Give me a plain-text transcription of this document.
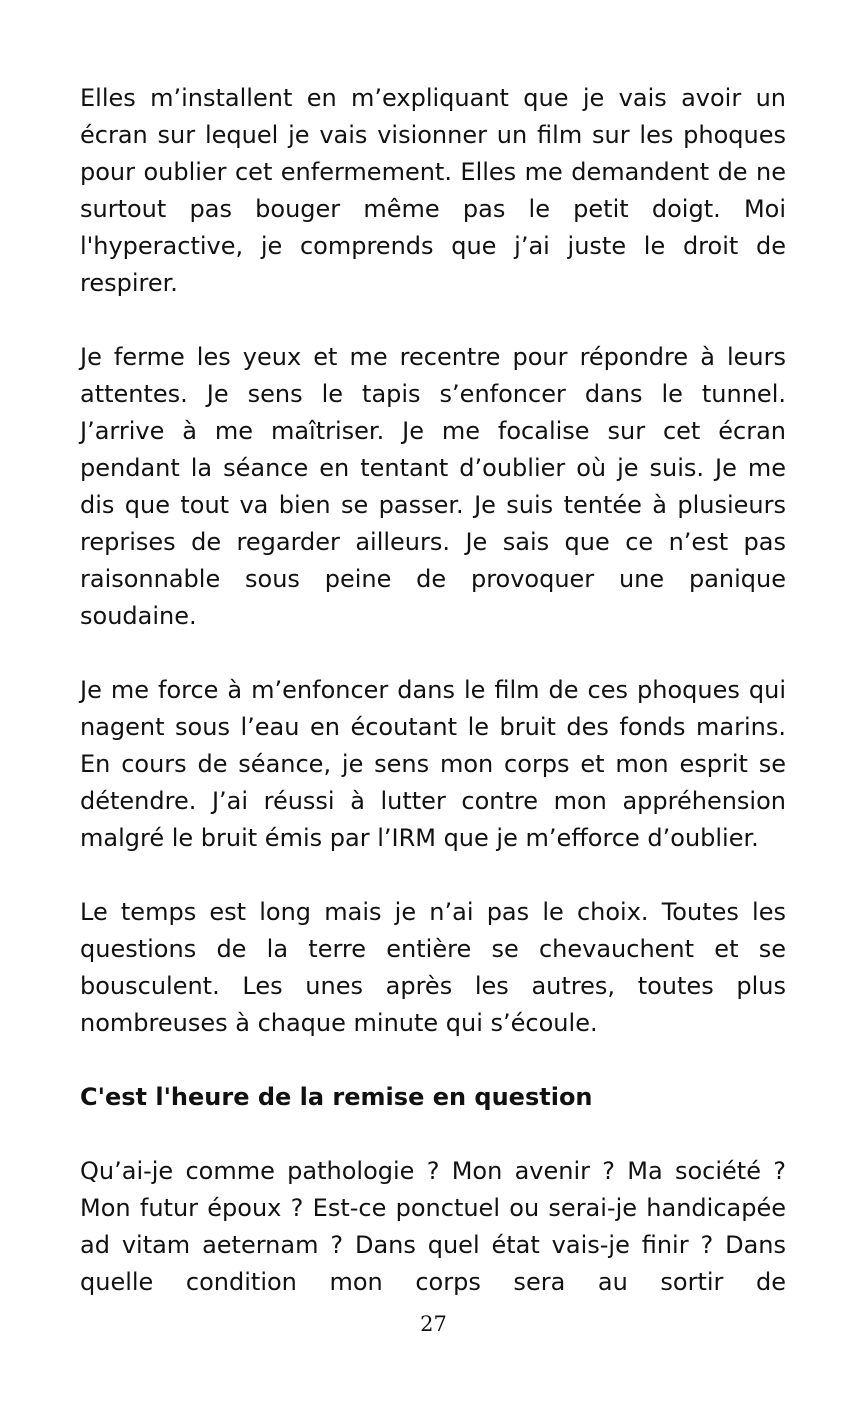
Elles m’installent en m’expliquant que je vais avoir un écran sur lequel je vais visionner un film sur les phoques pour oublier cet enfermement. Elles me demandent de ne surtout pas bouger même pas le petit doigt. Moi l'hyperactive, je comprends que j’ai juste le droit de respirer.

Je ferme les yeux et me recentre pour répondre à leurs attentes. Je sens le tapis s’enfoncer dans le tunnel. J’arrive à me maîtriser. Je me focalise sur cet écran pendant la séance en tentant d’oublier où je suis. Je me dis que tout va bien se passer. Je suis tentée à plusieurs reprises de regarder ailleurs. Je sais que ce n’est pas raisonnable sous peine de provoquer une panique soudaine.

Je me force à m’enfoncer dans le film de ces phoques qui nagent sous l’eau en écoutant le bruit des fonds marins. En cours de séance, je sens mon corps et mon esprit se détendre. J’ai réussi à lutter contre mon appréhension malgré le bruit émis par l’IRM que je m’efforce d’oublier.

Le temps est long mais je n’ai pas le choix. Toutes les questions de la terre entière se chevauchent et se bousculent. Les unes après les autres, toutes plus nombreuses à chaque minute qui s’écoule.

C'est l'heure de la remise en question

Qu’ai-je comme pathologie ? Mon avenir ? Ma société ? Mon futur époux ? Est-ce ponctuel ou serai-je handicapée ad vitam aeternam ? Dans quel état vais-je finir ? Dans quelle condition mon corps sera au sortir de

27
